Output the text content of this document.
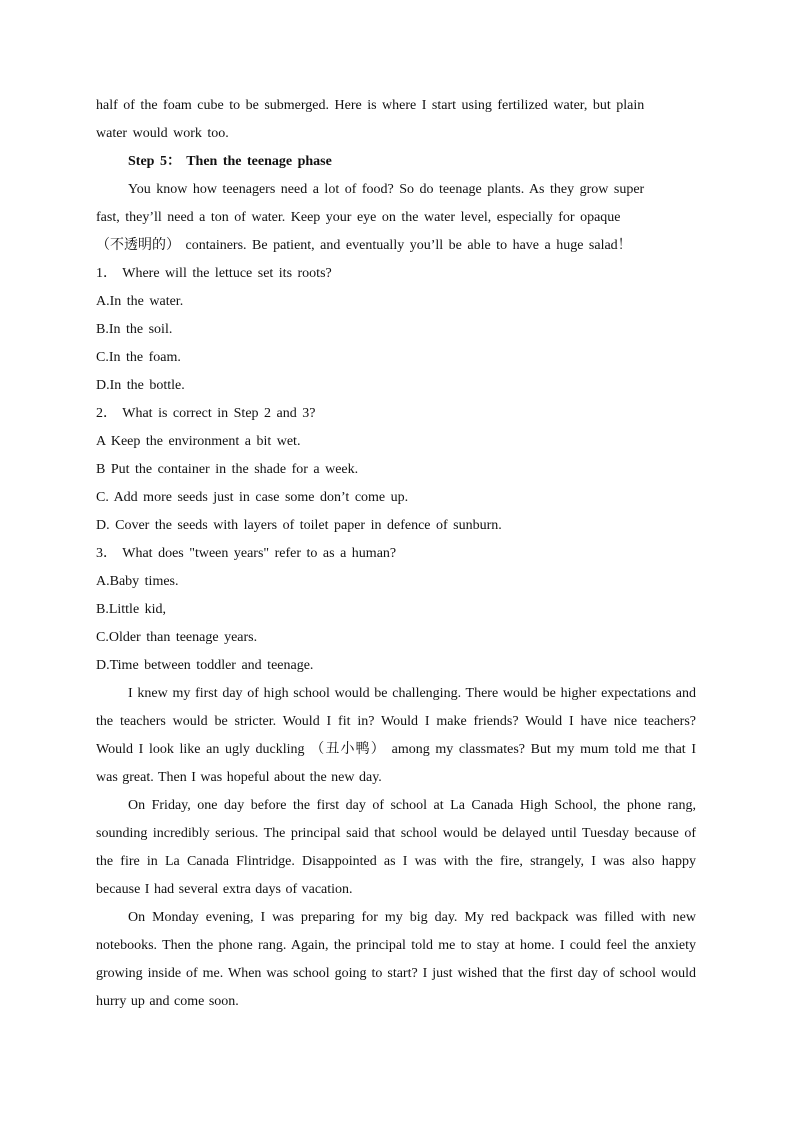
half of the foam cube to be submerged. Here is where I start using fertilized water, but plain
water would work too.
Step 5： Then the teenage phase
You know how teenagers need a lot of food? So do teenage plants. As they grow super
fast, they’ll need a ton of water. Keep your eye on the water level, especially for opaque
（不透明的） containers. Be patient, and eventually you’ll be able to have a huge salad！
1． Where will the lettuce set its roots?
A.In the water.
B.In the soil.
C.In the foam.
D.In the bottle.
2． What is correct in Step 2 and 3?
A Keep the environment a bit wet.
B Put the container in the shade for a week.
C. Add more seeds just in case some don’t come up.
D. Cover the seeds with layers of toilet paper in defence of sunburn.
3． What does "tween years" refer to as a human?
A.Baby times.
B.Little kid,
C.Older than teenage years.
D.Time between toddler and teenage.

I knew my first day of high school would be challenging. There would be higher expectations and the teachers would be stricter. Would I fit in? Would I make friends? Would I have nice teachers? Would I look like an ugly duckling （丑小鸭） among my classmates? But my mum told me that I was great. Then I was hopeful about the new day.

On Friday, one day before the first day of school at La Canada High School, the phone rang, sounding incredibly serious. The principal said that school would be delayed until Tuesday because of the fire in La Canada Flintridge. Disappointed as I was with the fire, strangely, I was also happy because I had several extra days of vacation.

On Monday evening, I was preparing for my big day. My red backpack was filled with new notebooks. Then the phone rang. Again, the principal told me to stay at home. I could feel the anxiety growing inside of me. When was school going to start? I just wished that the first day of school would hurry up and come soon.
